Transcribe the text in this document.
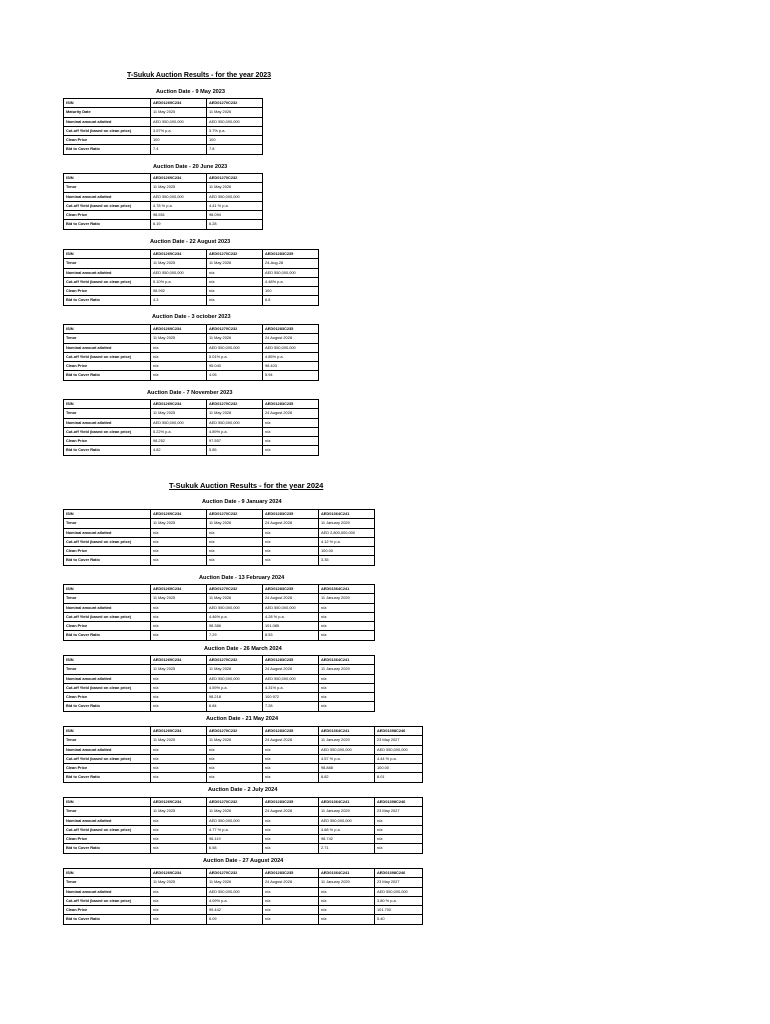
T-Sukuk Auction Results - for the year 2023
Auction Date - 9 May 2023
ISIN	AED01269C234	AED01270C232
Maturity Date	11 May 2025	11 May 2026
Nominal amount allotted	AED 550,000,000	AED 550,000,000
Cut-off Yield (based on clean price)	3.57% p.a.	3.7% p.a.
Clean Price	100	100
Bid to Cover Ratio	7.4	7.8
Auction Date - 20 June 2023
ISIN	AED01269C234	AED01270C232
Tenor	11 May 2025	11 May 2026
Nominal amount allotted	AED 550,000,000	AED 550,000,000
Cut-off Yield (based on clean price)	4.78 % p.a.	4.41 % p.a.
Clean Price	98.551	98.094
Bid to Cover Ratio	6.19	6.28
Auction Date - 22 August 2023
ISIN	AED01269C234	AED01270C232	AED01283C235
Tenor	11 May 2025	11 May 2026	24-Aug-28
Nominal amount allotted	AED 550,000,000	n/a	AED 550,000,000
Cut-off Yield (based on clean price)	5.10% p.a.	n/a	4.48% p.a.
Clean Price	98.992	n/a	100
Bid to Cover Ratio	4.3	n/a	6.8
Auction Date - 3 october 2023
ISIN	AED01269C234	AED01270C232	AED01283C235
Tenor	11 May 2025	11 May 2026	24 August 2028
Nominal amount allotted	n/a	AED 550,000,000	AED 550,000,000
Cut-off Yield (based on clean price)	n/a	5.01% p.a.	4.85% p.a.
Clean Price	n/a	95.040	98.403
Bid to Cover Ratio	n/a	4.05	5.94
Auction Date - 7 November 2023
ISIN	AED01269C234	AED01270C232	AED01283C235
Tenor	11 May 2025	11 May 2026	24 August 2028
Nominal amount allotted	AED 550,000,000	AED 550,000,000	n/a
Cut-off Yield (based on clean price)	5.22% p.a.	4.89% p.a.	n/a
Clean Price	98.252	97.557	n/a
Bid to Cover Ratio	4.82	5.85	n/a
T-Sukuk Auction Results - for the year 2024
Auction Date - 9 January 2024
ISIN	AED01269C234	AED01270C232	AED01283C235	AED01364C241
Tenor	11 May 2025	11 May 2026	24 August 2028	11 January 2029
Nominal amount allotted	n/a	n/a	n/a	AED 2,800,000,000
Cut-off Yield (based on clean price)	n/a	n/a	n/a	4.12 % p.a.
Clean Price	n/a	n/a	n/a	100.00
Bid to Cover Ratio	n/a	n/a	n/a	3.35
Auction Date - 13 February 2024
ISIN	AED01269C234	AED01270C232	AED01283C235	AED01364C241
Tenor	11 May 2025	11 May 2026	24 August 2028	11 January 2029
Nominal amount allotted	n/a	AED 550,000,000	AED 550,000,000	n/a
Cut-off Yield (based on clean price)	n/a	4.46% p.a.	4.28 % p.a.	n/a
Clean Price	n/a	98.386	101.085	n/a
Bid to Cover Ratio	n/a	7.29	8.53	n/a
Auction Date - 26 March 2024
ISIN	AED01269C234	AED01270C232	AED01283C235	AED01364C241
Tenor	11 May 2025	11 May 2026	24 August 2028	11 January 2029
Nominal amount allotted	n/a	AED 550,000,000	AED 550,000,000	n/a
Cut-off Yield (based on clean price)	n/a	4.59% p.a.	4.31% p.a.	n/a
Clean Price	n/a	98.218	100.972	n/a
Bid to Cover Ratio	n/a	6.84	7.28	n/a
Auction Date - 21 May 2024
ISIN	AED01269C234	AED01270C232	AED01283C235	AED01364C241	AED01398C246
Tenor	11 May 2025	11 May 2026	24 August 2028	11 January 2029	23 May 2027
Nominal amount allotted	n/a	n/a	n/a	AED 550,000,000	AED 550,000,000
Cut-off Yield (based on clean price)	n/a	n/a	n/a	4.57 % p.a.	4.44 % p.a.
Clean Price	n/a	n/a	n/a	98.888	100.00
Bid to Cover Ratio	n/a	n/a	n/a	8.82	8.01
Auction Date - 2 July 2024
ISIN	AED01269C234	AED01270C232	AED01283C235	AED01364C241	AED01398C246
Tenor	11 May 2025	11 May 2026	24 August 2028	11 January 2029	23 May 2027
Nominal amount allotted	n/a	AED 550,000,000	n/a	AED 550,000,000	n/a
Cut-off Yield (based on clean price)	n/a	4.77 % p.a.	n/a	4.68 % p.a.	n/a
Clean Price	n/a	98.119	n/a	98.742	n/a
Bid to Cover Ratio	n/a	6.58	n/a	2.71	n/a
Auction Date - 27 August 2024
ISIN	AED01269C234	AED01270C232	AED01283C235	AED01364C241	AED01398C246
Tenor	11 May 2025	11 May 2026	24 August 2028	11 January 2029	23 May 2027
Nominal amount allotted	n/a	AED 550,000,000	n/a	n/a	AED 550,000,000
Cut-off Yield (based on clean price)	n/a	4.09% p.a.	n/a	n/a	3.80 % p.a.
Clean Price	n/a	99.442	n/a	n/a	101.700
Bid to Cover Ratio	n/a	6.09	n/a	n/a	5.40
